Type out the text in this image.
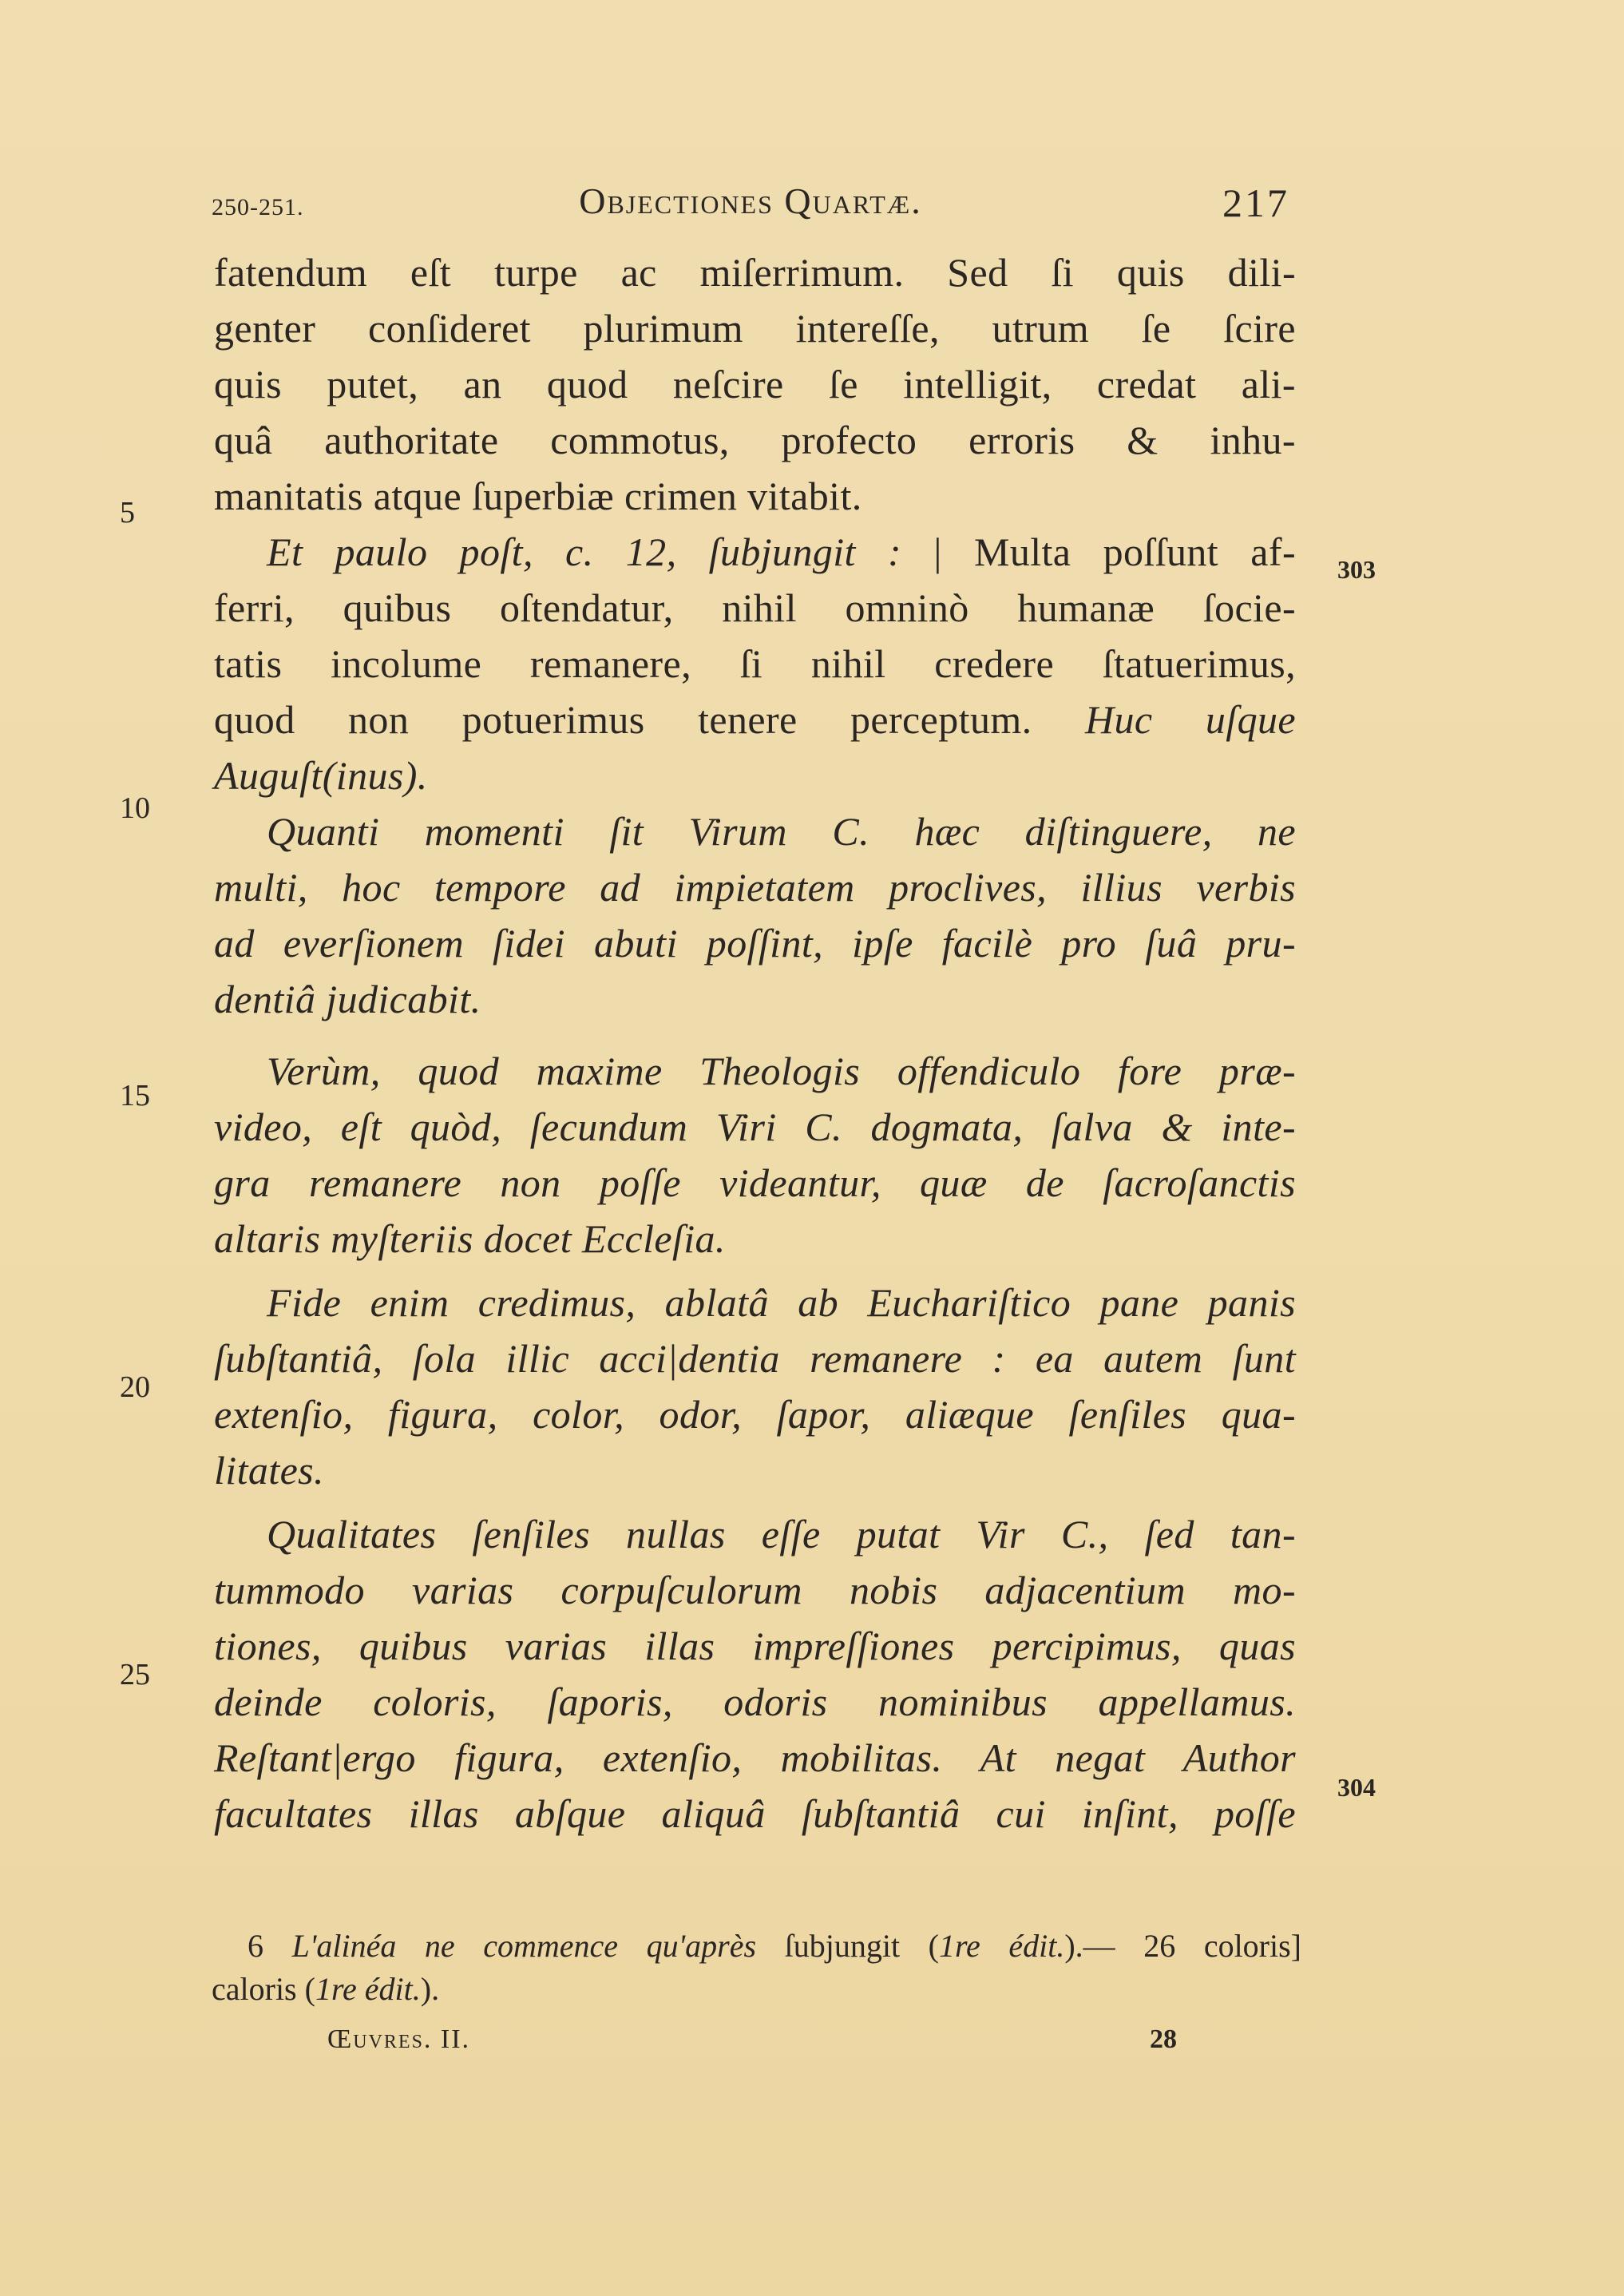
250-251.	Objectiones Quartæ.	217
fatendum eſt turpe ac miſerrimum. Sed ſi quis dili-
genter conſideret plurimum intereſſe, utrum ſe ſcire
quis putet, an quod neſcire ſe intelligit, credat ali-
quâ authoritate commotus, profecto erroris & inhu-
manitatis atque ſuperbiæ crimen vitabit.
Et paulo poſt, c. 12, ſubjungit : | Multa poſſunt af-
ferri, quibus oſtendatur, nihil omninò humanæ ſocie-
tatis incolume remanere, ſi nihil credere ſtatuerimus,
quod non potuerimus tenere perceptum. Huc uſque
Auguſt(inus).
Quanti momenti ſit Virum C. hæc diſtinguere, ne
multi, hoc tempore ad impietatem proclives, illius verbis
ad everſionem ſidei abuti poſſint, ipſe facilè pro ſuâ pru-
dentiâ judicabit.
Verùm, quod maxime Theologis offendiculo fore præ-
video, eſt quòd, ſecundum Viri C. dogmata, ſalva & inte-
gra remanere non poſſe videantur, quæ de ſacroſanctis
altaris myſteriis docet Eccleſia.
Fide enim credimus, ablatâ ab Euchariſtico pane panis
ſubſtantiâ, ſola illic acci|dentia remanere : ea autem ſunt
extenſio, figura, color, odor, ſapor, aliæque ſenſiles qua-
litates.
Qualitates ſenſiles nullas eſſe putat Vir C., ſed tan-
tummodo varias corpuſculorum nobis adjacentium mo-
tiones, quibus varias illas impreſſiones percipimus, quas
deinde coloris, ſaporis, odoris nominibus appellamus.
Reſtant|ergo figura, extenſio, mobilitas. At negat Author
facultates illas abſque aliquâ ſubſtantiâ cui inſint, poſſe
5
10
15
20
25
303
304
6 L'alinéa ne commence qu'après ſubjungit (1re édit.).— 26 coloris]
caloris (1re édit.).
Œuvres. II.	28
